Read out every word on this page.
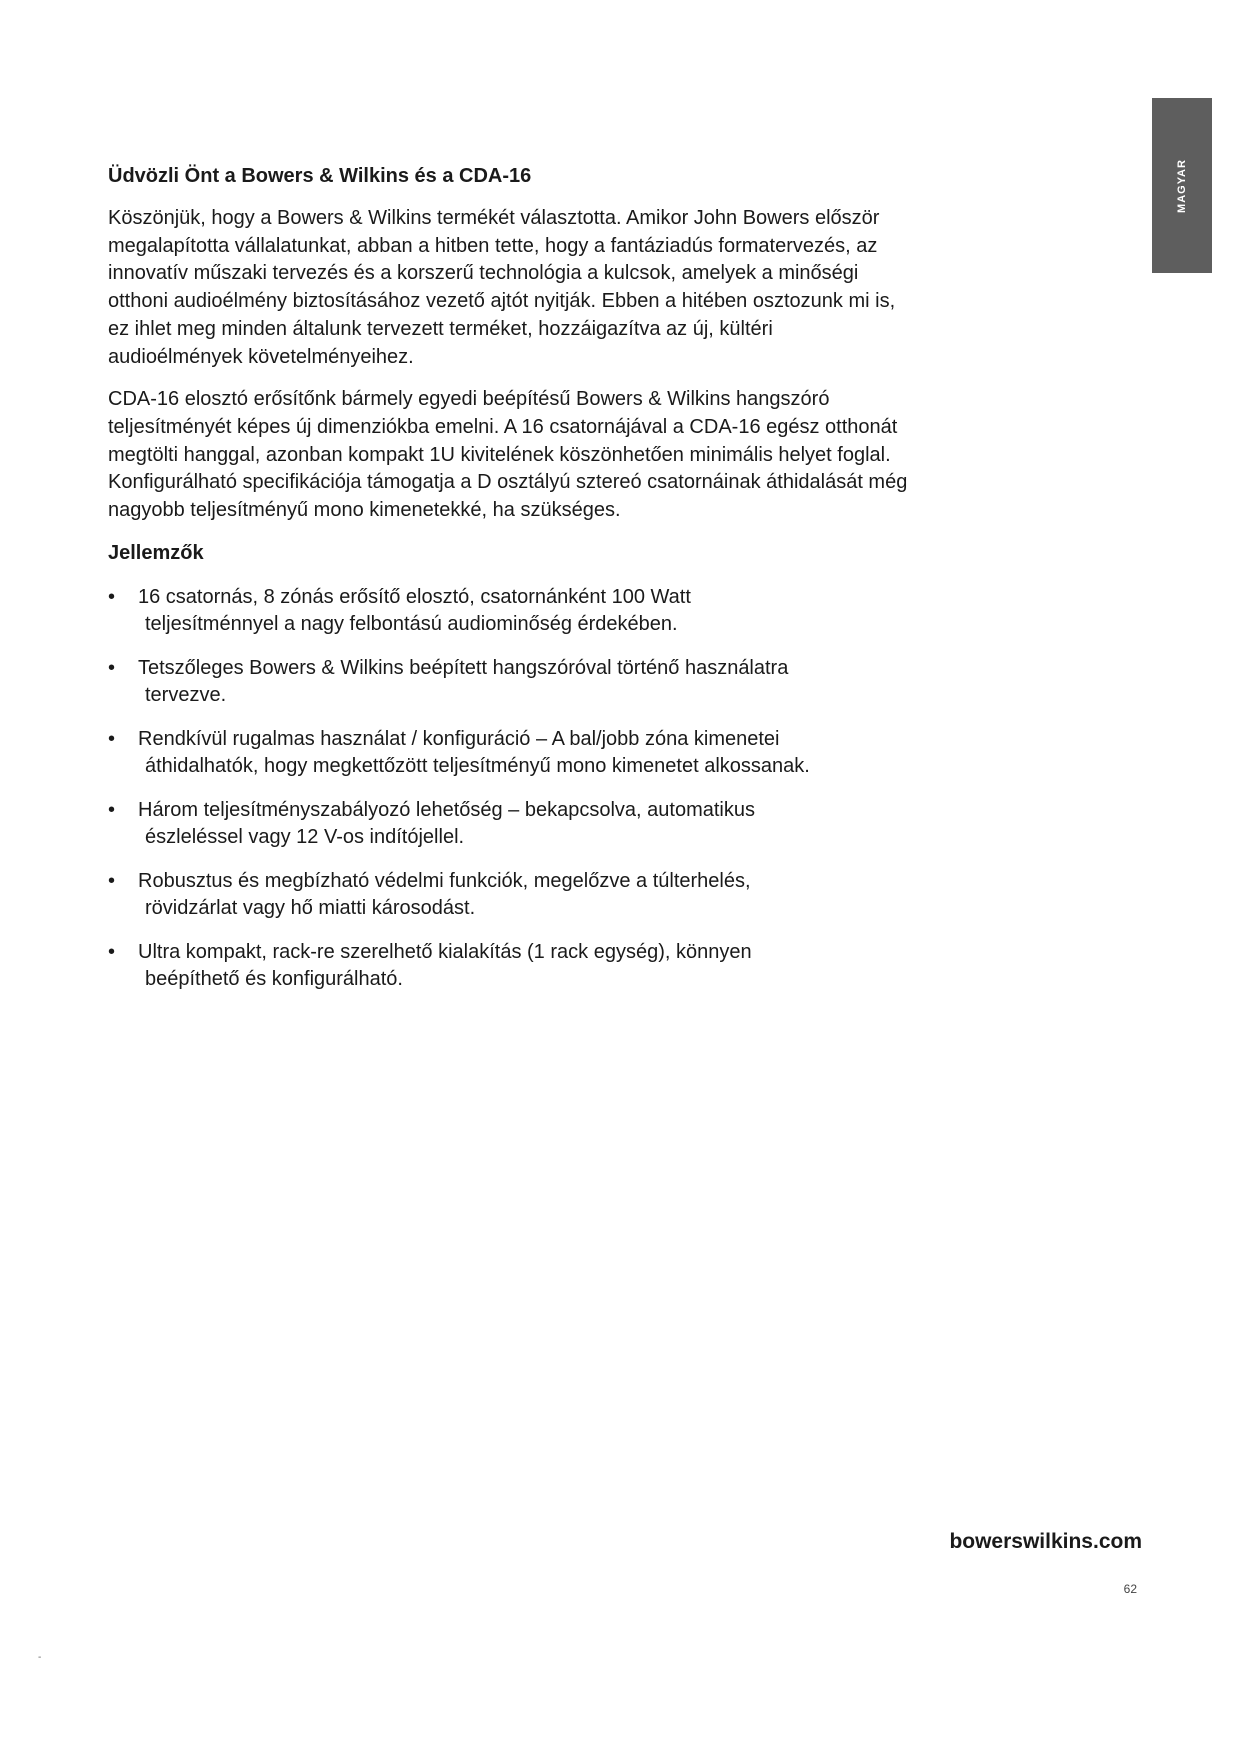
MAGYAR
Üdvözli Önt a Bowers & Wilkins és a CDA-16

Köszönjük, hogy a Bowers & Wilkins termékét választotta. Amikor John Bowers először megalapította vállalatunkat, abban a hitben tette, hogy a fantáziadús formatervezés, az innovatív műszaki tervezés és a korszerű technológia a kulcsok, amelyek a minőségi otthoni audioélmény biztosításához vezető ajtót nyitják. Ebben a hitében osztozunk mi is, ez ihlet meg minden általunk tervezett terméket, hozzáigazítva az új, kültéri audioélmények követelményeihez.

CDA-16 elosztó erősítőnk bármely egyedi beépítésű Bowers & Wilkins hangszóró teljesítményét képes új dimenziókba emelni. A 16 csatornájával a CDA-16 egész otthonát megtölti hanggal, azonban kompakt 1U kivitelének köszönhetően minimális helyet foglal. Konfigurálható specifikációja támogatja a D osztályú sztereó csatornáinak áthidalását még nagyobb teljesítményű mono kimenetekké, ha szükséges.

Jellemzők
• 16 csatornás, 8 zónás erősítő elosztó, csatornánként 100 Watt
teljesítménnyel a nagy felbontású audiominőség érdekében.
• Tetszőleges Bowers & Wilkins beépített hangszóróval történő használatra
tervezve.
• Rendkívül rugalmas használat / konfiguráció – A bal/jobb zóna kimenetei
áthidalhatók, hogy megkettőzött teljesítményű mono kimenetet alkossanak.
• Három teljesítményszabályozó lehetőség – bekapcsolva, automatikus
észleléssel vagy 12 V-os indítójellel.
• Robusztus és megbízható védelmi funkciók, megelőzve a túlterhelés,
rövidzárlat vagy hő miatti károsodást.
• Ultra kompakt, rack-re szerelhető kialakítás (1 rack egység), könnyen
beépíthető és konfigurálható.
bowerswilkins.com
62
-
